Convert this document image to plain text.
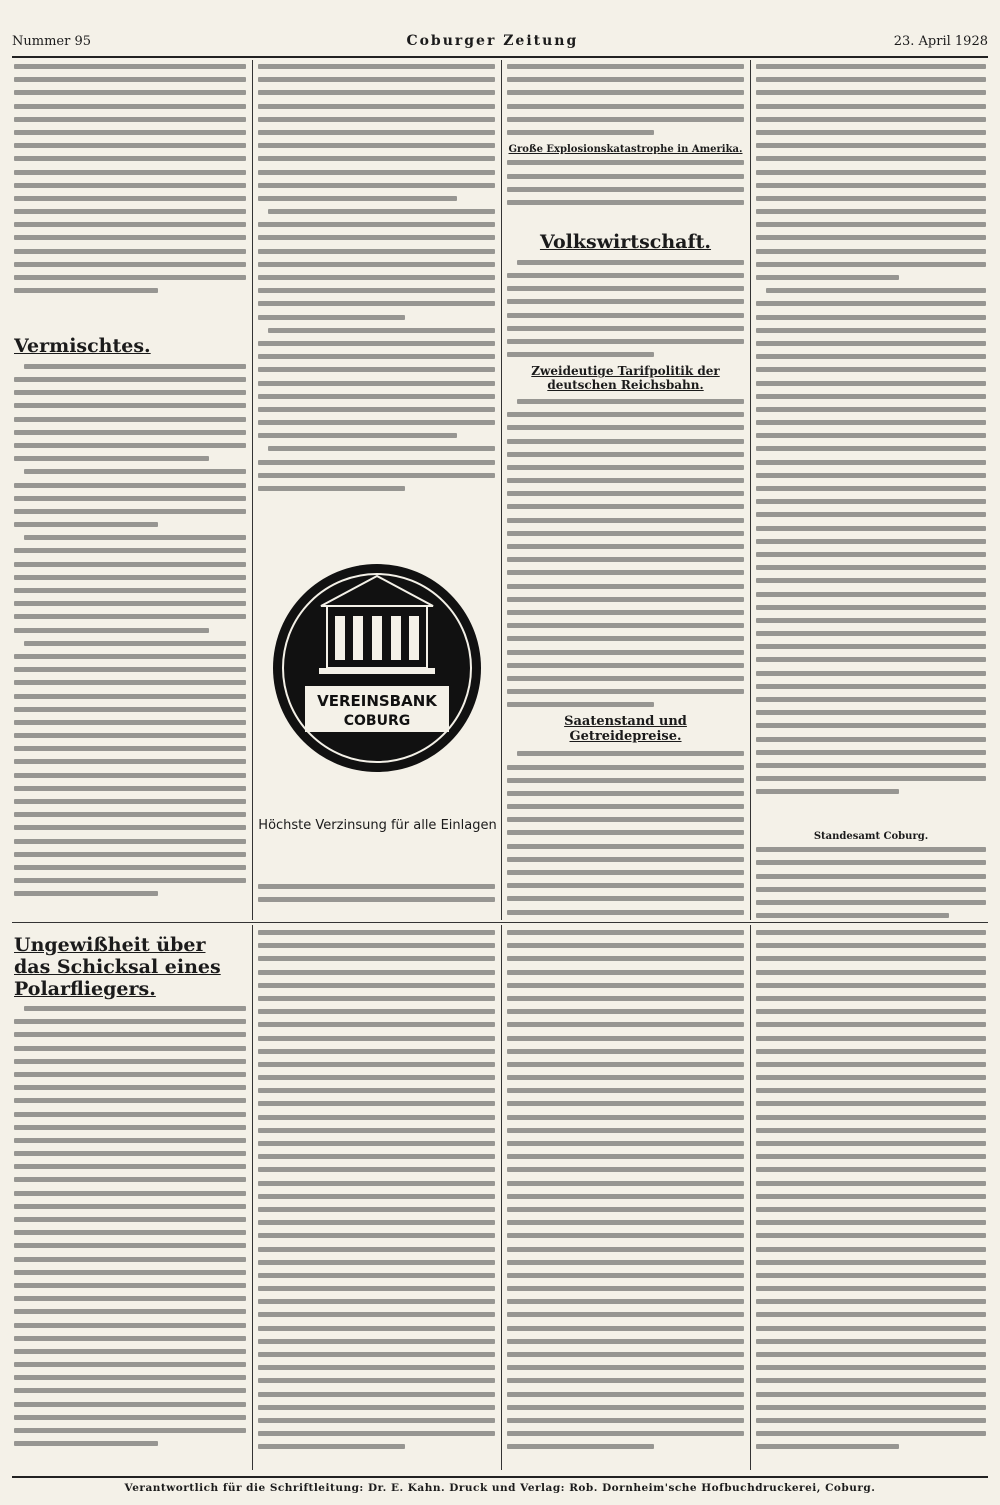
Nummer 95	Coburger Zeitung	23. April 1928
Vermischtes.
VEREINSBANK
COBURG
Höchste Verzinsung für alle Einlagen
Große Explosionskatastrophe in Amerika.
Volkswirtschaft.
Zweideutige Tarifpolitik der deutschen Reichsbahn.
Saatenstand und Getreidepreise.
Standesamt Coburg.
Ungewißheit über das Schicksal eines Polarfliegers.
Verantwortlich für die Schriftleitung: Dr. E. Kahn. Druck und Verlag: Rob. Dornheim'sche Hofbuchdruckerei, Coburg.
